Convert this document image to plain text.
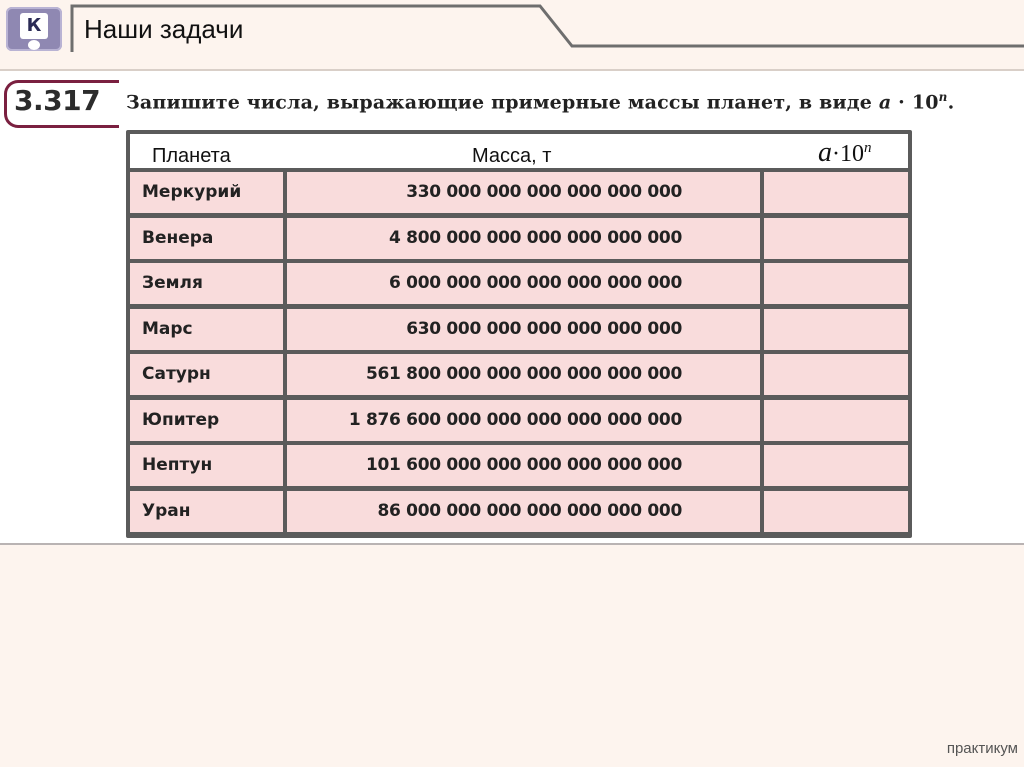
К Наши задачи
3.317 Запишите числа, выражающие примерные массы планет, в виде $a \cdot 10^n$.
Планета	Масса, т	$a\cdot 10^n$
Меркурий	330 000 000 000 000 000 000
Венера	4 800 000 000 000 000 000 000
Земля	6 000 000 000 000 000 000 000
Марс	630 000 000 000 000 000 000
Сатурн	561 800 000 000 000 000 000 000
Юпитер	1 876 600 000 000 000 000 000 000
Нептун	101 600 000 000 000 000 000 000
Уран	86 000 000 000 000 000 000 000
практикум
